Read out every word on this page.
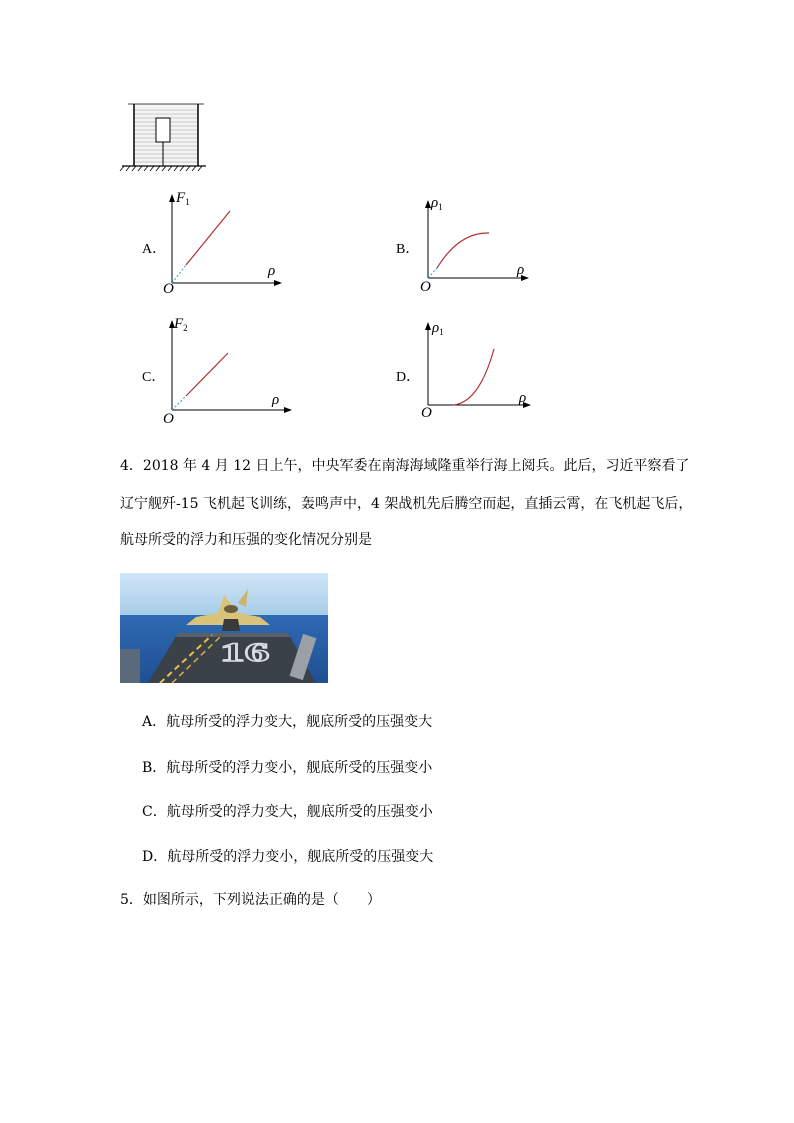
A．
$F_1$
ρ
O
B．
$\rho_1$
ρ
O
C．
$F_2$
ρ
O
D．
$\rho_1$
ρ
O
4．2018 年 4 月 12 日上午，中央军委在南海海域隆重举行海上阅兵。此后，习近平察看了
辽宁舰歼-15 飞机起飞训练，轰鸣声中，4 架战机先后腾空而起，直插云霄，在飞机起飞后，
航母所受的浮力和压强的变化情况分别是
16
A．航母所受的浮力变大，舰底所受的压强变大
B．航母所受的浮力变小，舰底所受的压强变小
C．航母所受的浮力变大，舰底所受的压强变小
D．航母所受的浮力变小，舰底所受的压强变大
5．如图所示，下列说法正确的是（　　）
